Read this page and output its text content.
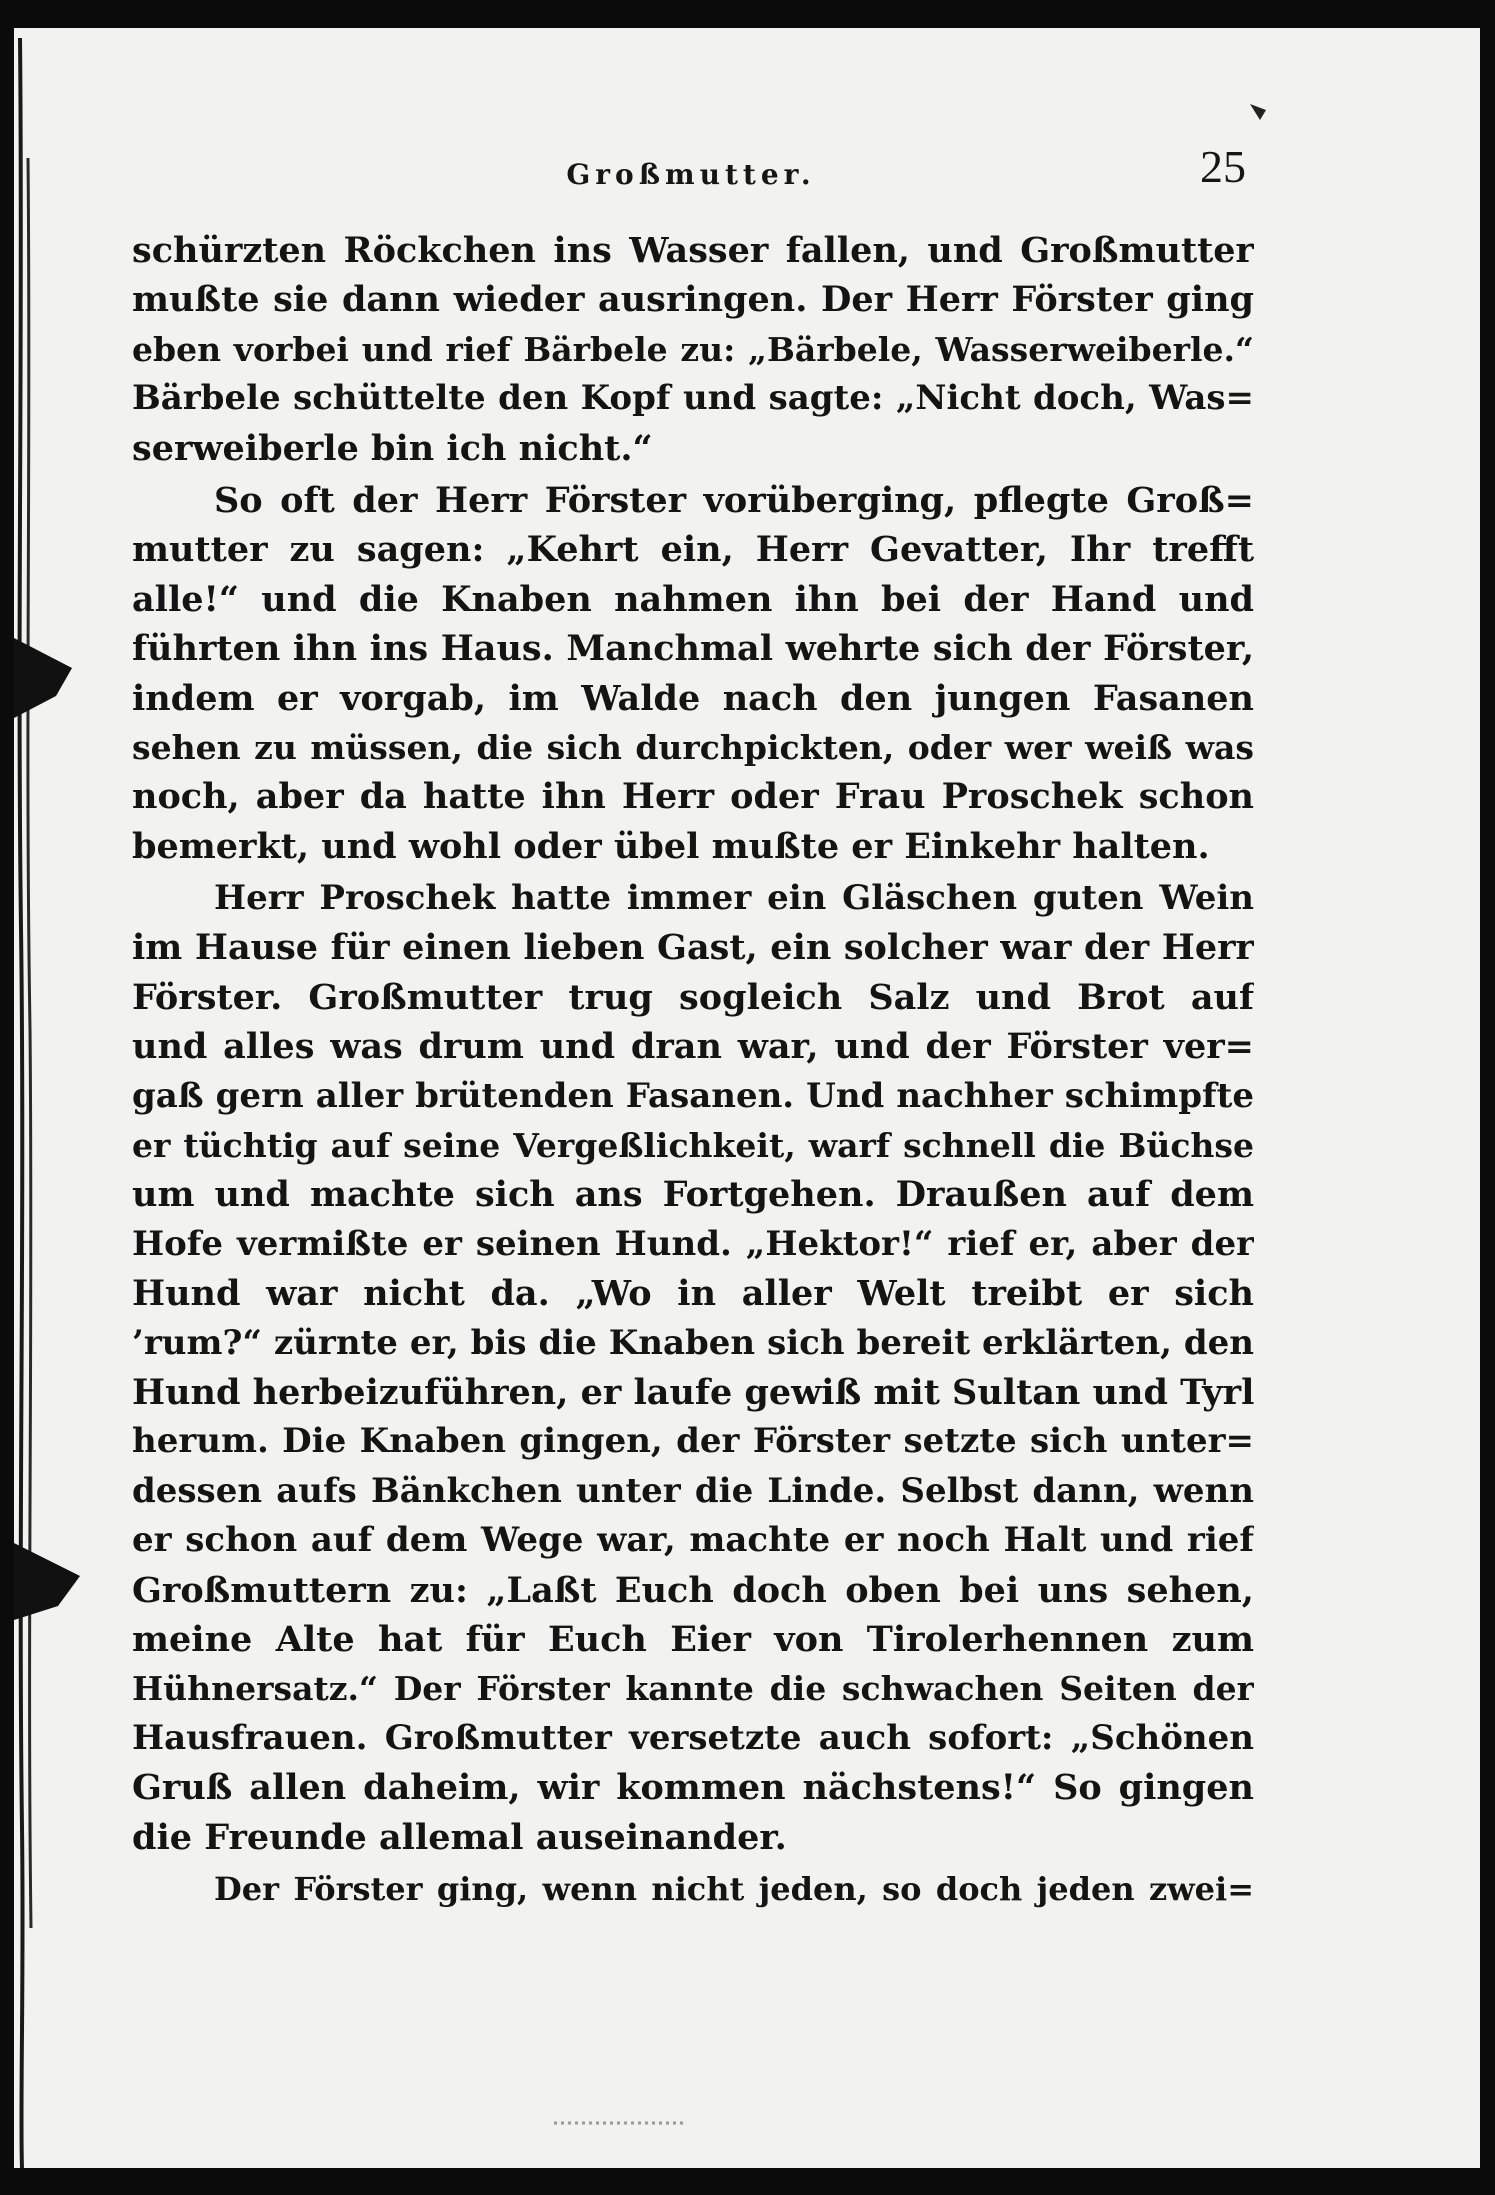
Großmutter.	25
schürzten Röckchen ins Wasser fallen, und Großmutter
mußte sie dann wieder ausringen. Der Herr Förster ging
eben vorbei und rief Bärbele zu: „Bärbele, Wasserweiberle.“
Bärbele schüttelte den Kopf und sagte: „Nicht doch, Was=
serweiberle bin ich nicht.“
So oft der Herr Förster vorüberging, pflegte Groß=
mutter zu sagen: „Kehrt ein, Herr Gevatter, Ihr trefft
alle!“ und die Knaben nahmen ihn bei der Hand und
führten ihn ins Haus. Manchmal wehrte sich der Förster,
indem er vorgab, im Walde nach den jungen Fasanen
sehen zu müssen, die sich durchpickten, oder wer weiß was
noch, aber da hatte ihn Herr oder Frau Proschek schon
bemerkt, und wohl oder übel mußte er Einkehr halten.
Herr Proschek hatte immer ein Gläschen guten Wein
im Hause für einen lieben Gast, ein solcher war der Herr
Förster. Großmutter trug sogleich Salz und Brot auf
und alles was drum und dran war, und der Förster ver=
gaß gern aller brütenden Fasanen. Und nachher schimpfte
er tüchtig auf seine Vergeßlichkeit, warf schnell die Büchse
um und machte sich ans Fortgehen. Draußen auf dem
Hofe vermißte er seinen Hund. „Hektor!“ rief er, aber der
Hund war nicht da. „Wo in aller Welt treibt er sich
’rum?“ zürnte er, bis die Knaben sich bereit erklärten, den
Hund herbeizuführen, er laufe gewiß mit Sultan und Tyrl
herum. Die Knaben gingen, der Förster setzte sich unter=
dessen aufs Bänkchen unter die Linde. Selbst dann, wenn
er schon auf dem Wege war, machte er noch Halt und rief
Großmuttern zu: „Laßt Euch doch oben bei uns sehen,
meine Alte hat für Euch Eier von Tirolerhennen zum
Hühnersatz.“ Der Förster kannte die schwachen Seiten der
Hausfrauen. Großmutter versetzte auch sofort: „Schönen
Gruß allen daheim, wir kommen nächstens!“ So gingen
die Freunde allemal auseinander.
Der Förster ging, wenn nicht jeden, so doch jeden zwei=
